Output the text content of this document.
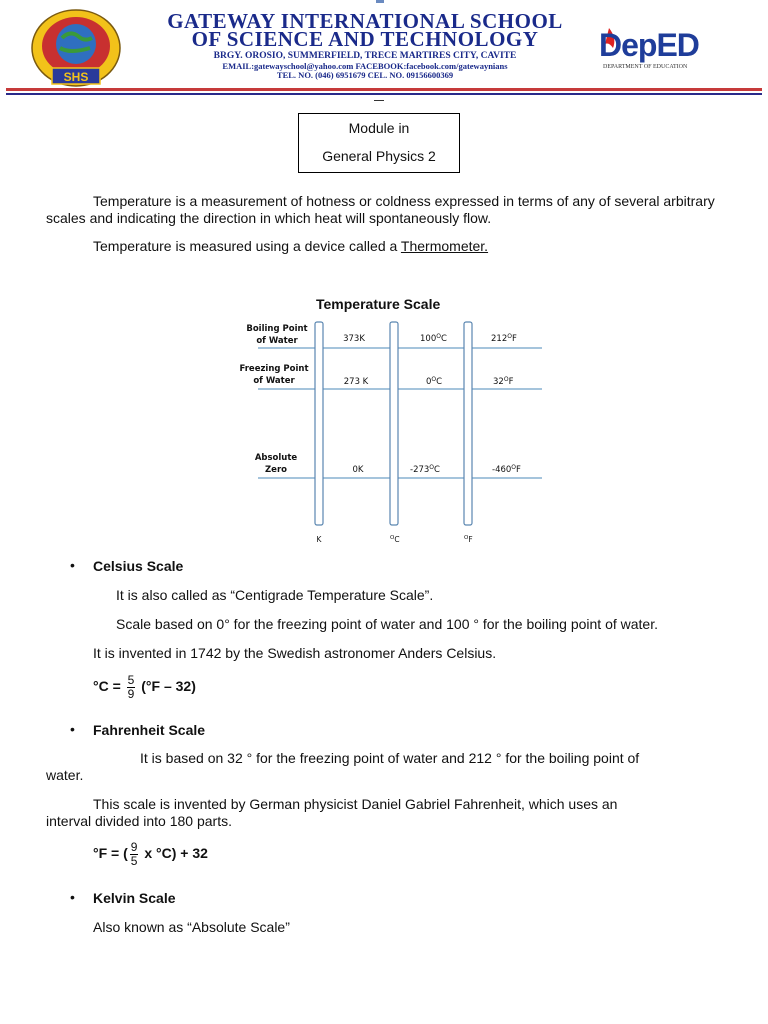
SHS
GATEWAY INTERNATIONAL SCHOOL
OF SCIENCE AND TECHNOLOGY
BRGY. OROSIO, SUMMERFIELD, TRECE MARTIRES CITY, CAVITE
EMAIL:gatewayschool@yahoo.com FACEBOOK:facebook.com/gatewaynians
TEL. NO. (046) 6951679 CEL. NO. 09156600369
DepED
DEPARTMENT OF EDUCATION
Module in
General Physics 2
Temperature is a measurement of hotness or coldness expressed in terms of any of several arbitrary scales and indicating the direction in which heat will spontaneously flow.
Temperature is measured using a device called a Thermometer.
Temperature Scale
Boiling Point
of Water
Freezing Point
of Water
Absolute
Zero
373K
273 K
0K
$100^OC$
$0^OC$
$-273^OC$
$212^OF$
$32^OF$
$-460^OF$
K	$^O$C	$^O$F
• Celsius Scale
It is also called as “Centigrade Temperature Scale”.
Scale based on 0° for the freezing point of water and 100 ° for the boiling point of water.
It is invented in 1742 by the Swedish astronomer Anders Celsius.
$^\circ C = \frac{5}{9} (^\circ F - 32)$
• Fahrenheit Scale
It is based on 32 ° for the freezing point of water and 212 ° for the boiling point of
water.
This scale is invented by German physicist Daniel Gabriel Fahrenheit, which uses an
interval divided into 180 parts.
°F = ( $\frac{9}{5}$ x °C) + 32
• Kelvin Scale
Also known as “Absolute Scale”
